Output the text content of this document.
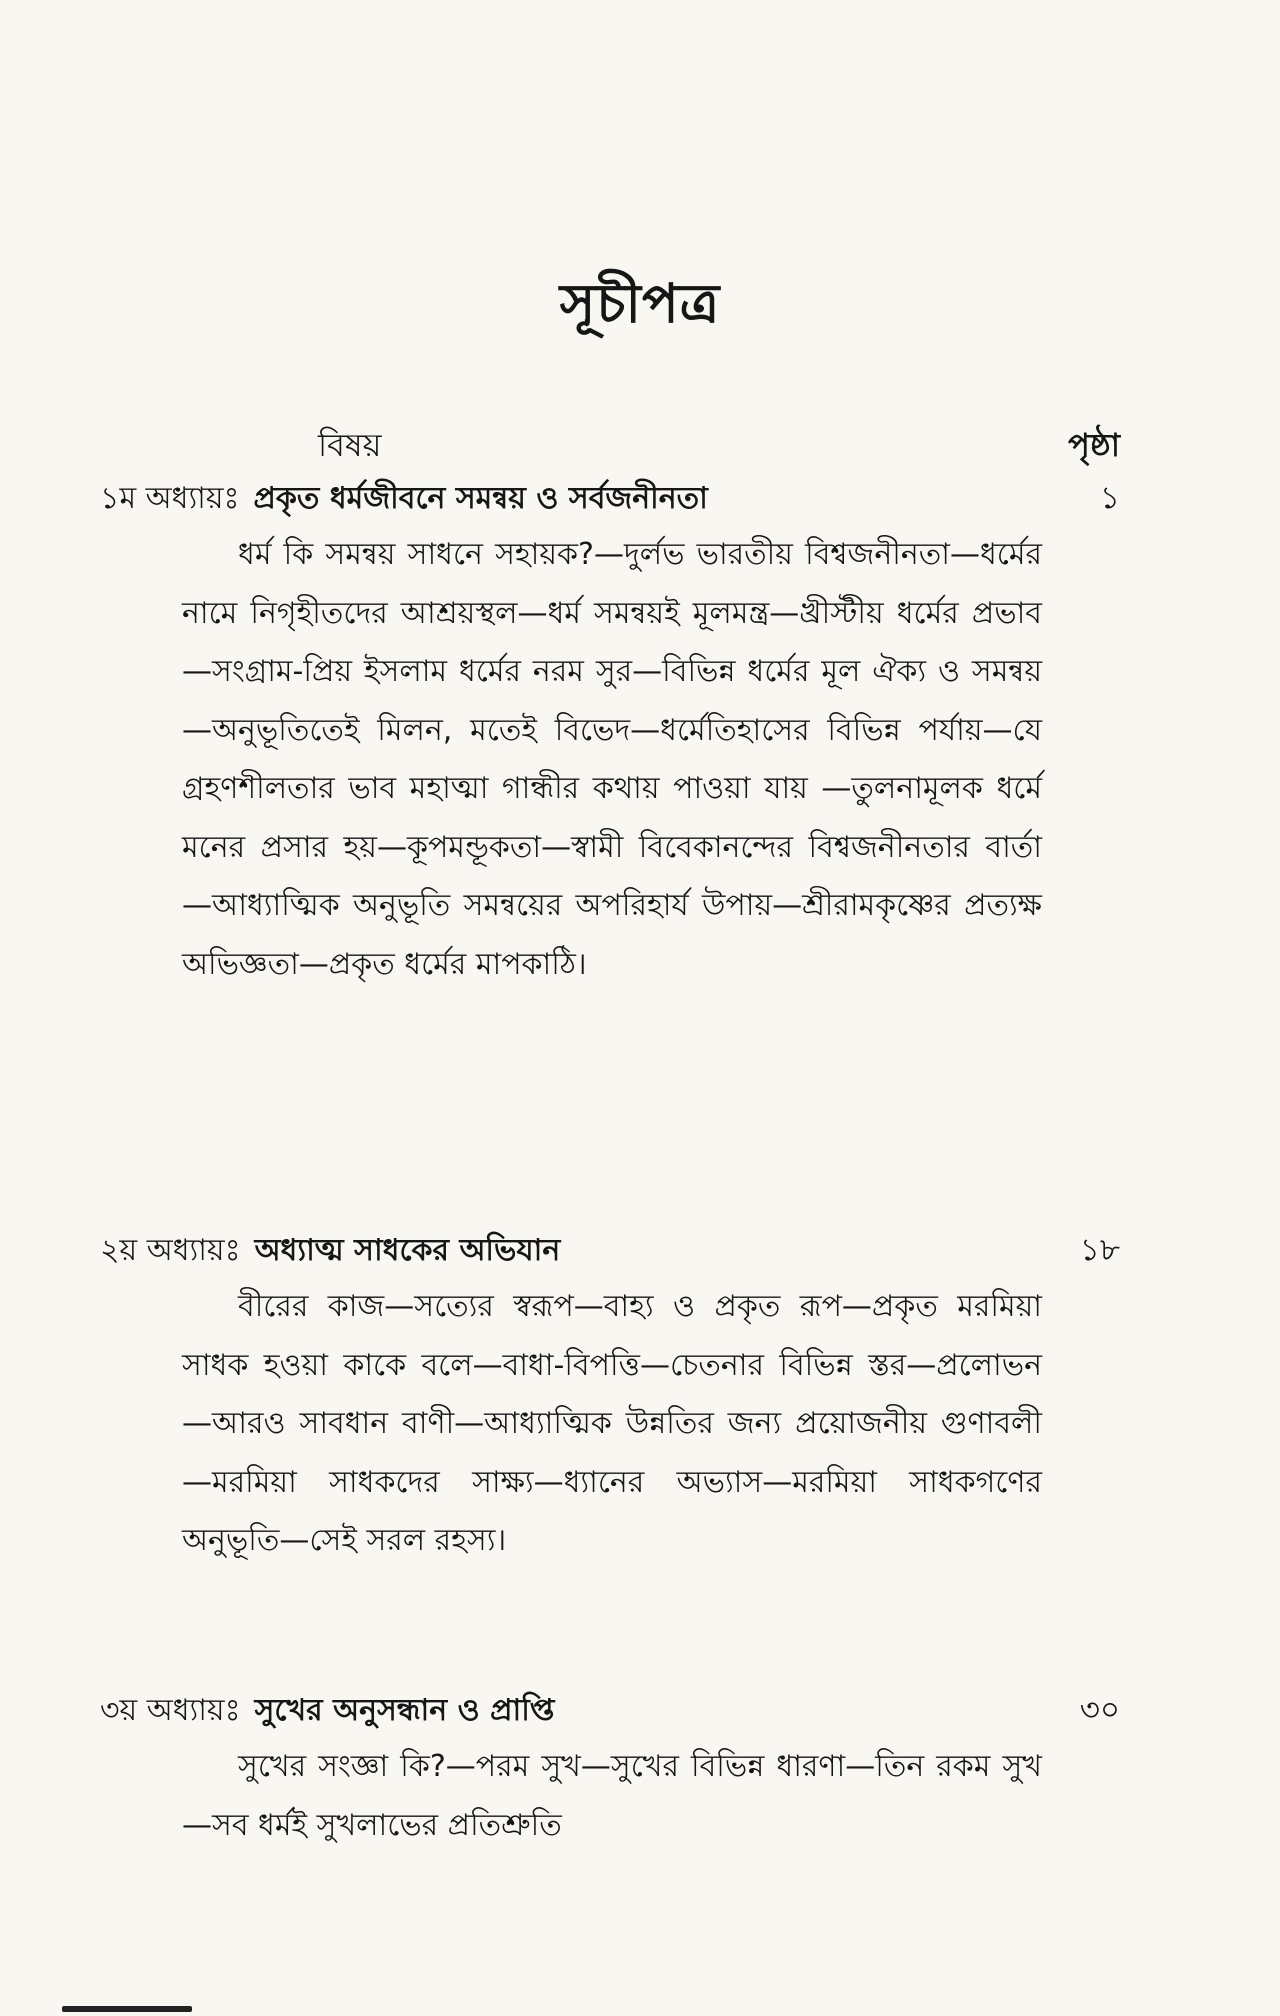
সূচীপত্র
বিষয়	পৃষ্ঠা
১ম অধ্যায়ঃ প্রকৃত ধর্মজীবনে সমন্বয় ও সর্বজনীনতা	১
ধর্ম কি সমন্বয় সাধনে সহায়ক?—দুর্লভ ভারতীয় বিশ্বজনীনতা—ধর্মের নামে নিগৃহীতদের আশ্রয়স্থল—ধর্ম সমন্বয়ই মূলমন্ত্র—খ্রীস্টীয় ধর্মের প্রভাব—সংগ্রাম-প্রিয় ইসলাম ধর্মের নরম সুর—বিভিন্ন ধর্মের মূল ঐক্য ও সমন্বয়—অনুভূতিতেই মিলন, মতেই বিভেদ—ধর্মেতিহাসের বিভিন্ন পর্যায়—যে গ্রহণশীলতার ভাব মহাত্মা গান্ধীর কথায় পাওয়া যায় —তুলনামূলক ধর্মে মনের প্রসার হয়—কূপমন্ডূকতা—স্বামী বিবেকানন্দের বিশ্বজনীনতার বার্তা—আধ্যাত্মিক অনুভূতি সমন্বয়ের অপরিহার্য উপায়—শ্রীরামকৃষ্ণের প্রত্যক্ষ অভিজ্ঞতা—প্রকৃত ধর্মের মাপকাঠি।
২য় অধ্যায়ঃ অধ্যাত্ম সাধকের অভিযান	১৮
বীরের কাজ—সত্যের স্বরূপ—বাহ্য ও প্রকৃত রূপ—প্রকৃত মরমিয়া সাধক হওয়া কাকে বলে—বাধা-বিপত্তি—চেতনার বিভিন্ন স্তর—প্রলোভন—আরও সাবধান বাণী—আধ্যাত্মিক উন্নতির জন্য প্রয়োজনীয় গুণাবলী—মরমিয়া সাধকদের সাক্ষ্য—ধ্যানের অভ্যাস—মরমিয়া সাধকগণের অনুভূতি—সেই সরল রহস্য।
৩য় অধ্যায়ঃ সুখের অনুসন্ধান ও প্রাপ্তি	৩০
সুখের সংজ্ঞা কি?—পরম সুখ—সুখের বিভিন্ন ধারণা—তিন রকম সুখ—সব ধর্মই সুখলাভের প্রতিশ্রুতি
